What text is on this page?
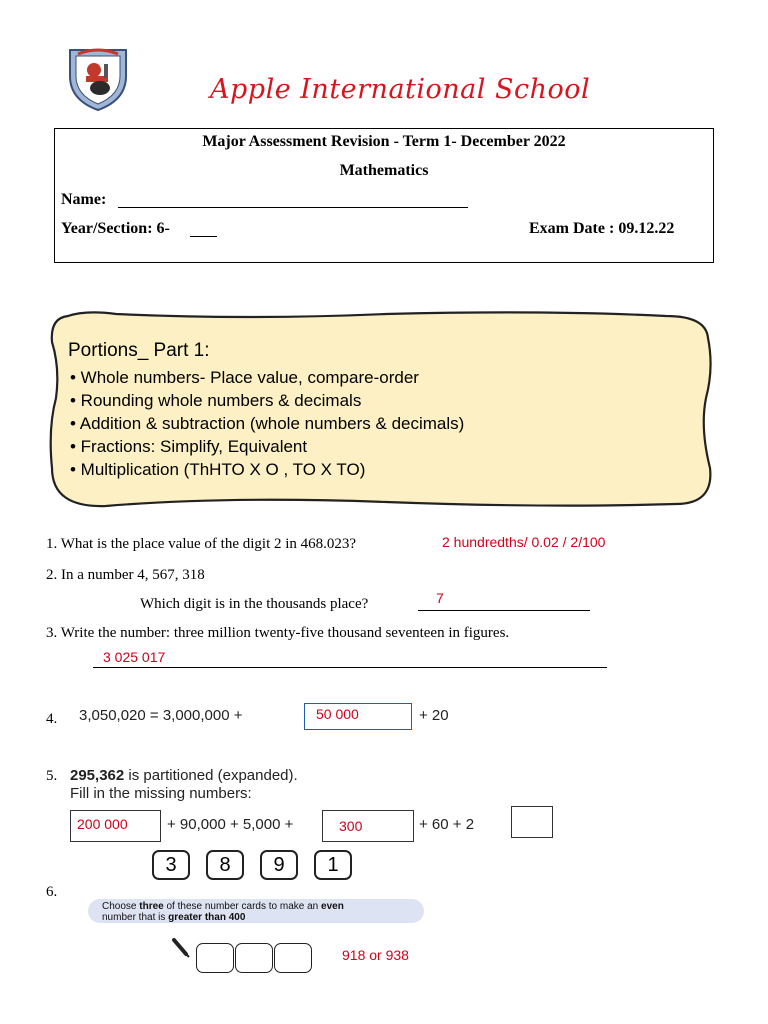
Apple International School
Major Assessment Revision - Term 1- December 2022
Mathematics
Name:
Year/Section: 6-	Exam Date : 09.12.22
Portions_ Part 1:
• Whole numbers- Place value, compare-order
• Rounding whole numbers & decimals
• Addition & subtraction (whole numbers & decimals)
• Fractions: Simplify, Equivalent
• Multiplication (ThHTO X O , TO X TO)
1. What is the place value of the digit 2 in 468.023?	2 hundredths/ 0.02 / 2/100
2. In a number 4, 567, 318
Which digit is in the thousands place?	7
3. Write the number: three million twenty-five thousand seventeen in figures.
3 025 017
4. 3,050,020 = 3,000,000 +	50 000	+ 20
5. 295,362 is partitioned (expanded).
Fill in the missing numbers:
200 000	+ 90,000 + 5,000 +	300	+ 60 + 2
3	8	9	1
6.
Choose three of these number cards to make an even
number that is greater than 400
918 or 938
